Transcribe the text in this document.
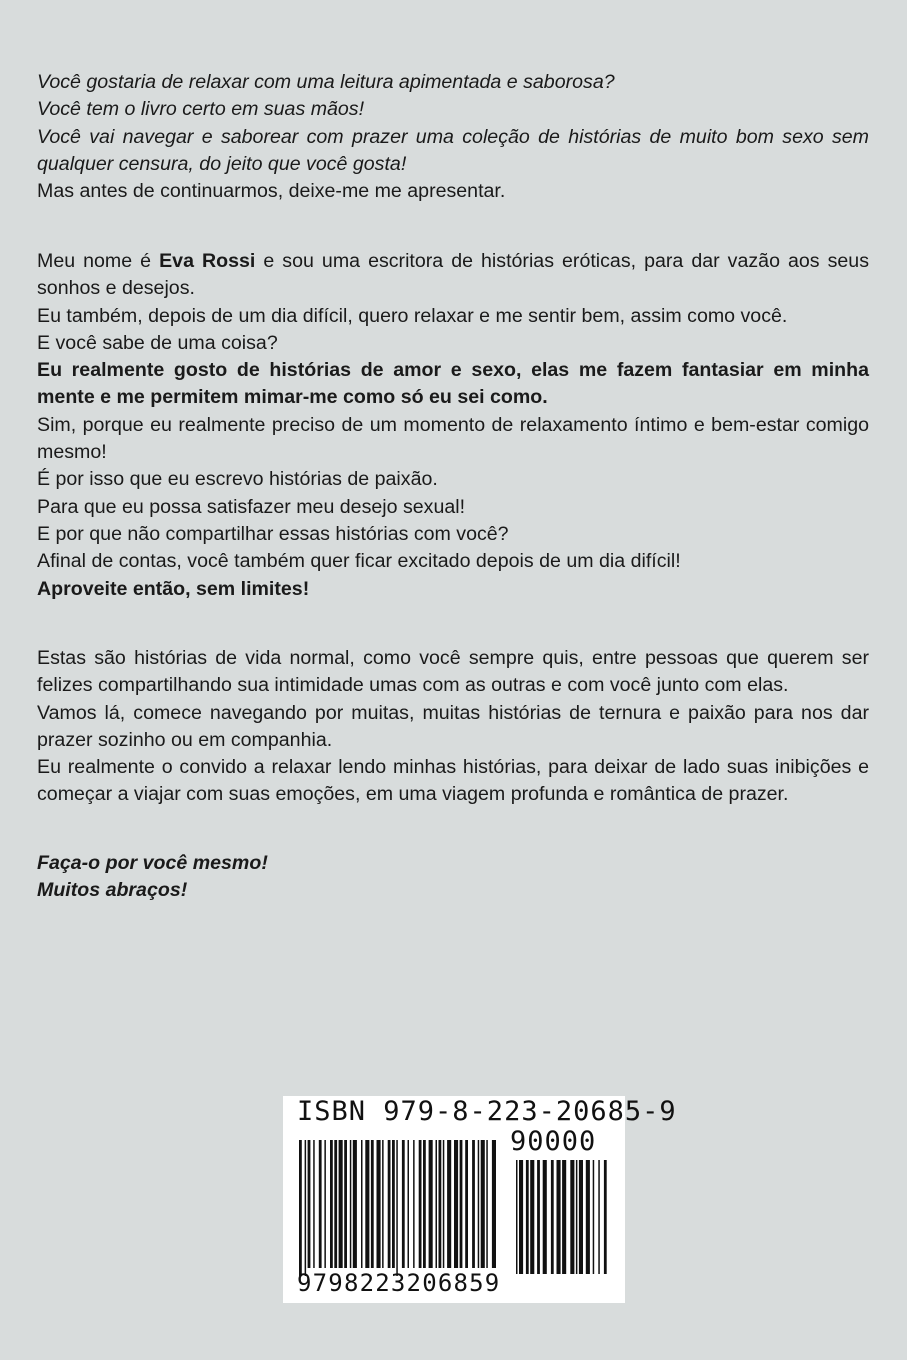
Você gostaria de relaxar com uma leitura apimentada e saborosa?

Você tem o livro certo em suas mãos!

Você vai navegar e saborear com prazer uma coleção de histórias de muito bom sexo sem qualquer censura, do jeito que você gosta!

Mas antes de continuarmos, deixe-me me apresentar.

Meu nome é Eva Rossi e sou uma escritora de histórias eróticas, para dar vazão aos seus sonhos e desejos.

Eu também, depois de um dia difícil, quero relaxar e me sentir bem, assim como você.

E você sabe de uma coisa?

Eu realmente gosto de histórias de amor e sexo, elas me fazem fantasiar em minha mente e me permitem mimar-me como só eu sei como.

Sim, porque eu realmente preciso de um momento de relaxamento íntimo e bem-estar comigo mesmo!

É por isso que eu escrevo histórias de paixão.

Para que eu possa satisfazer meu desejo sexual!

E por que não compartilhar essas histórias com você?

Afinal de contas, você também quer ficar excitado depois de um dia difícil!

Aproveite então, sem limites!

Estas são histórias de vida normal, como você sempre quis, entre pessoas que querem ser felizes compartilhando sua intimidade umas com as outras e com você junto com elas.

Vamos lá, comece navegando por muitas, muitas histórias de ternura e paixão para nos dar prazer sozinho ou em companhia.

Eu realmente o convido a relaxar lendo minhas histórias, para deixar de lado suas inibições e começar a viajar com suas emoções, em uma viagem profunda e romântica de prazer.

Faça-o por você mesmo!

Muitos abraços!

ISBN 979-8-223-20685-9
90000
9798223206859
